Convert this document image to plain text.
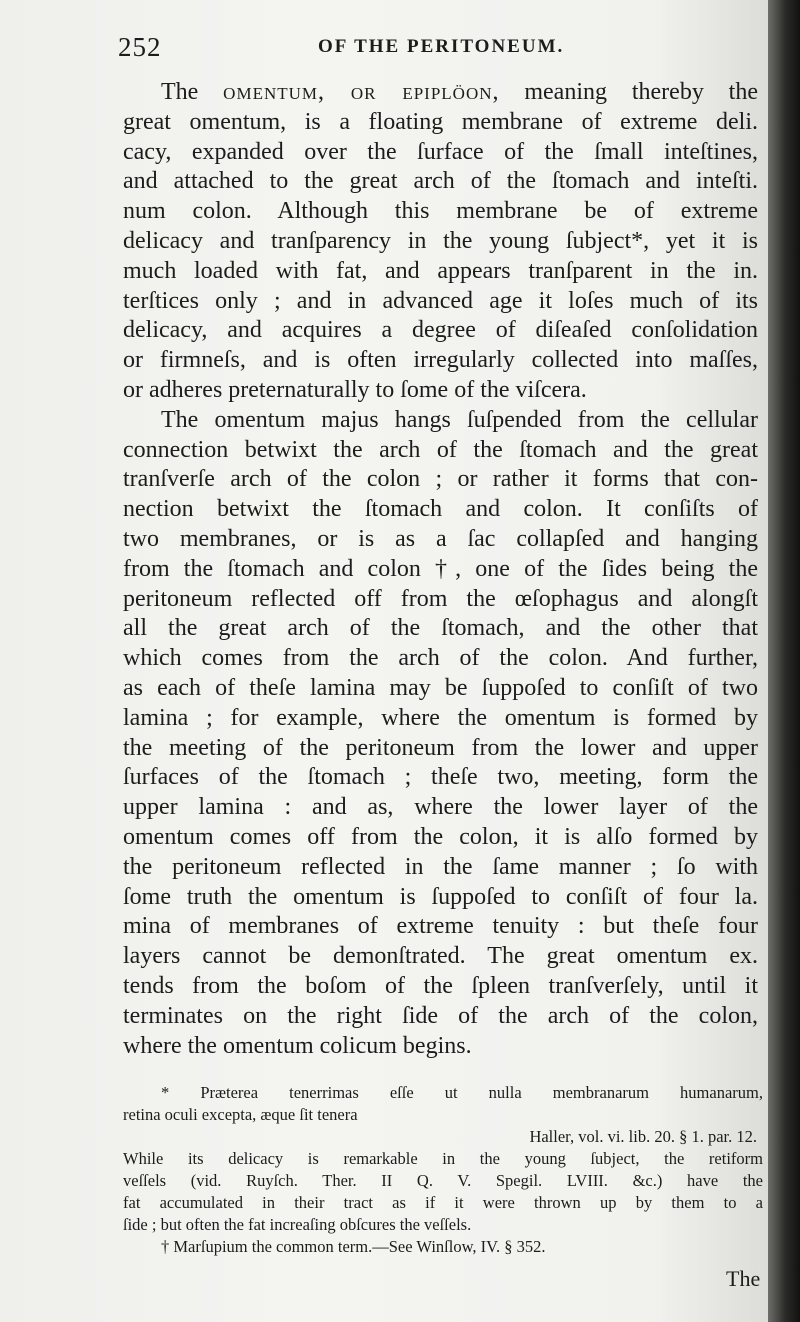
252	OF THE PERITONEUM.
The omentum, or epiplöon, meaning thereby the
great omentum, is a floating membrane of extreme deli.
cacy, expanded over the ſurface of the ſmall inteſtines,
and attached to the great arch of the ſtomach and inteſti.
num colon. Although this membrane be of extreme
delicacy and tranſparency in the young ſubject*, yet it is
much loaded with fat, and appears tranſparent in the in.
terſtices only ; and in advanced age it loſes much of its
delicacy, and acquires a degree of diſeaſed conſolidation
or firmneſs, and is often irregularly collected into maſſes,
or adheres preternaturally to ſome of the viſcera.
The omentum majus hangs ſuſpended from the cellular
connection betwixt the arch of the ſtomach and the great
tranſverſe arch of the colon ; or rather it forms that con-
nection betwixt the ſtomach and colon. It conſiſts of
two membranes, or is as a ſac collapſed and hanging
from the ſtomach and colon †, one of the ſides being the
peritoneum reflected off from the œſophagus and alongſt
all the great arch of the ſtomach, and the other that
which comes from the arch of the colon. And further,
as each of theſe lamina may be ſuppoſed to conſiſt of two
lamina ; for example, where the omentum is formed by
the meeting of the peritoneum from the lower and upper
ſurfaces of the ſtomach ; theſe two, meeting, form the
upper lamina : and as, where the lower layer of the
omentum comes off from the colon, it is alſo formed by
the peritoneum reflected in the ſame manner ; ſo with
ſome truth the omentum is ſuppoſed to conſiſt of four la.
mina of membranes of extreme tenuity : but theſe four
layers cannot be demonſtrated. The great omentum ex.
tends from the boſom of the ſpleen tranſverſely, until it
terminates on the right ſide of the arch of the colon,
where the omentum colicum begins.
* Præterea tenerrimas eſſe ut nulla membranarum humanarum,
retina oculi excepta, æque ſit tenera
Haller, vol. vi. lib. 20. § 1. par. 12.
While its delicacy is remarkable in the young ſubject, the retiform
veſſels (vid. Ruyſch. Ther. II Q. V. Spegil. LVIII. &c.) have the
fat accumulated in their tract as if it were thrown up by them to a
ſide ; but often the fat increaſing obſcures the veſſels.
† Marſupium the common term.—See Winſlow, IV. § 352.
The
